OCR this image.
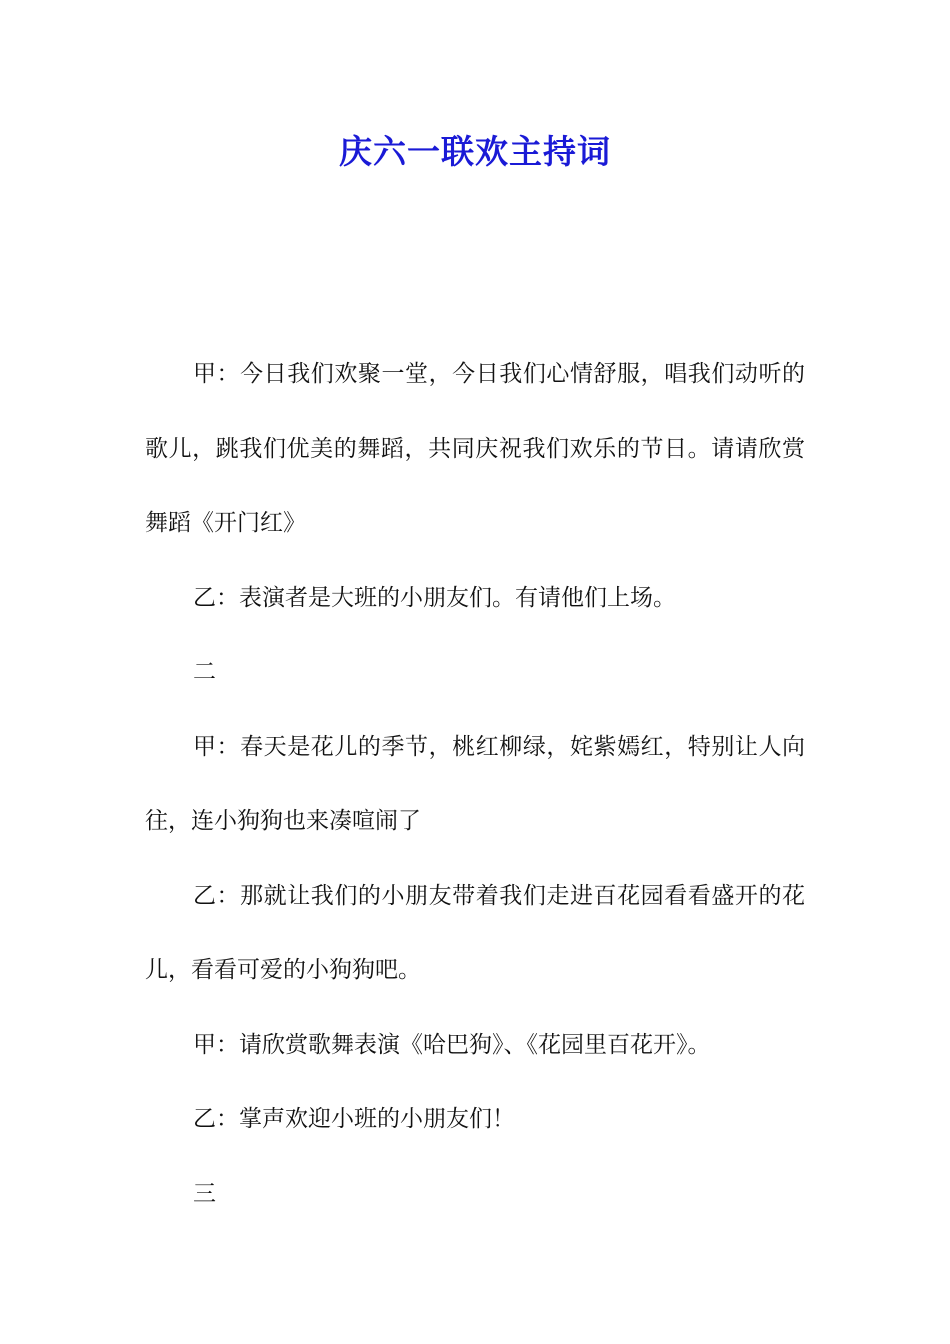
庆六一联欢主持词

甲：今日我们欢聚一堂，今日我们心情舒服，唱我们动听的歌儿，跳我们优美的舞蹈，共同庆祝我们欢乐的节日。请请欣赏舞蹈《开门红》

乙：表演者是大班的小朋友们。有请他们上场。

二

甲：春天是花儿的季节，桃红柳绿，姹紫嫣红，特别让人向往，连小狗狗也来凑喧闹了

乙：那就让我们的小朋友带着我们走进百花园看看盛开的花儿，看看可爱的小狗狗吧。

甲：请欣赏歌舞表演《哈巴狗》、《花园里百花开》。

乙：掌声欢迎小班的小朋友们！

三
